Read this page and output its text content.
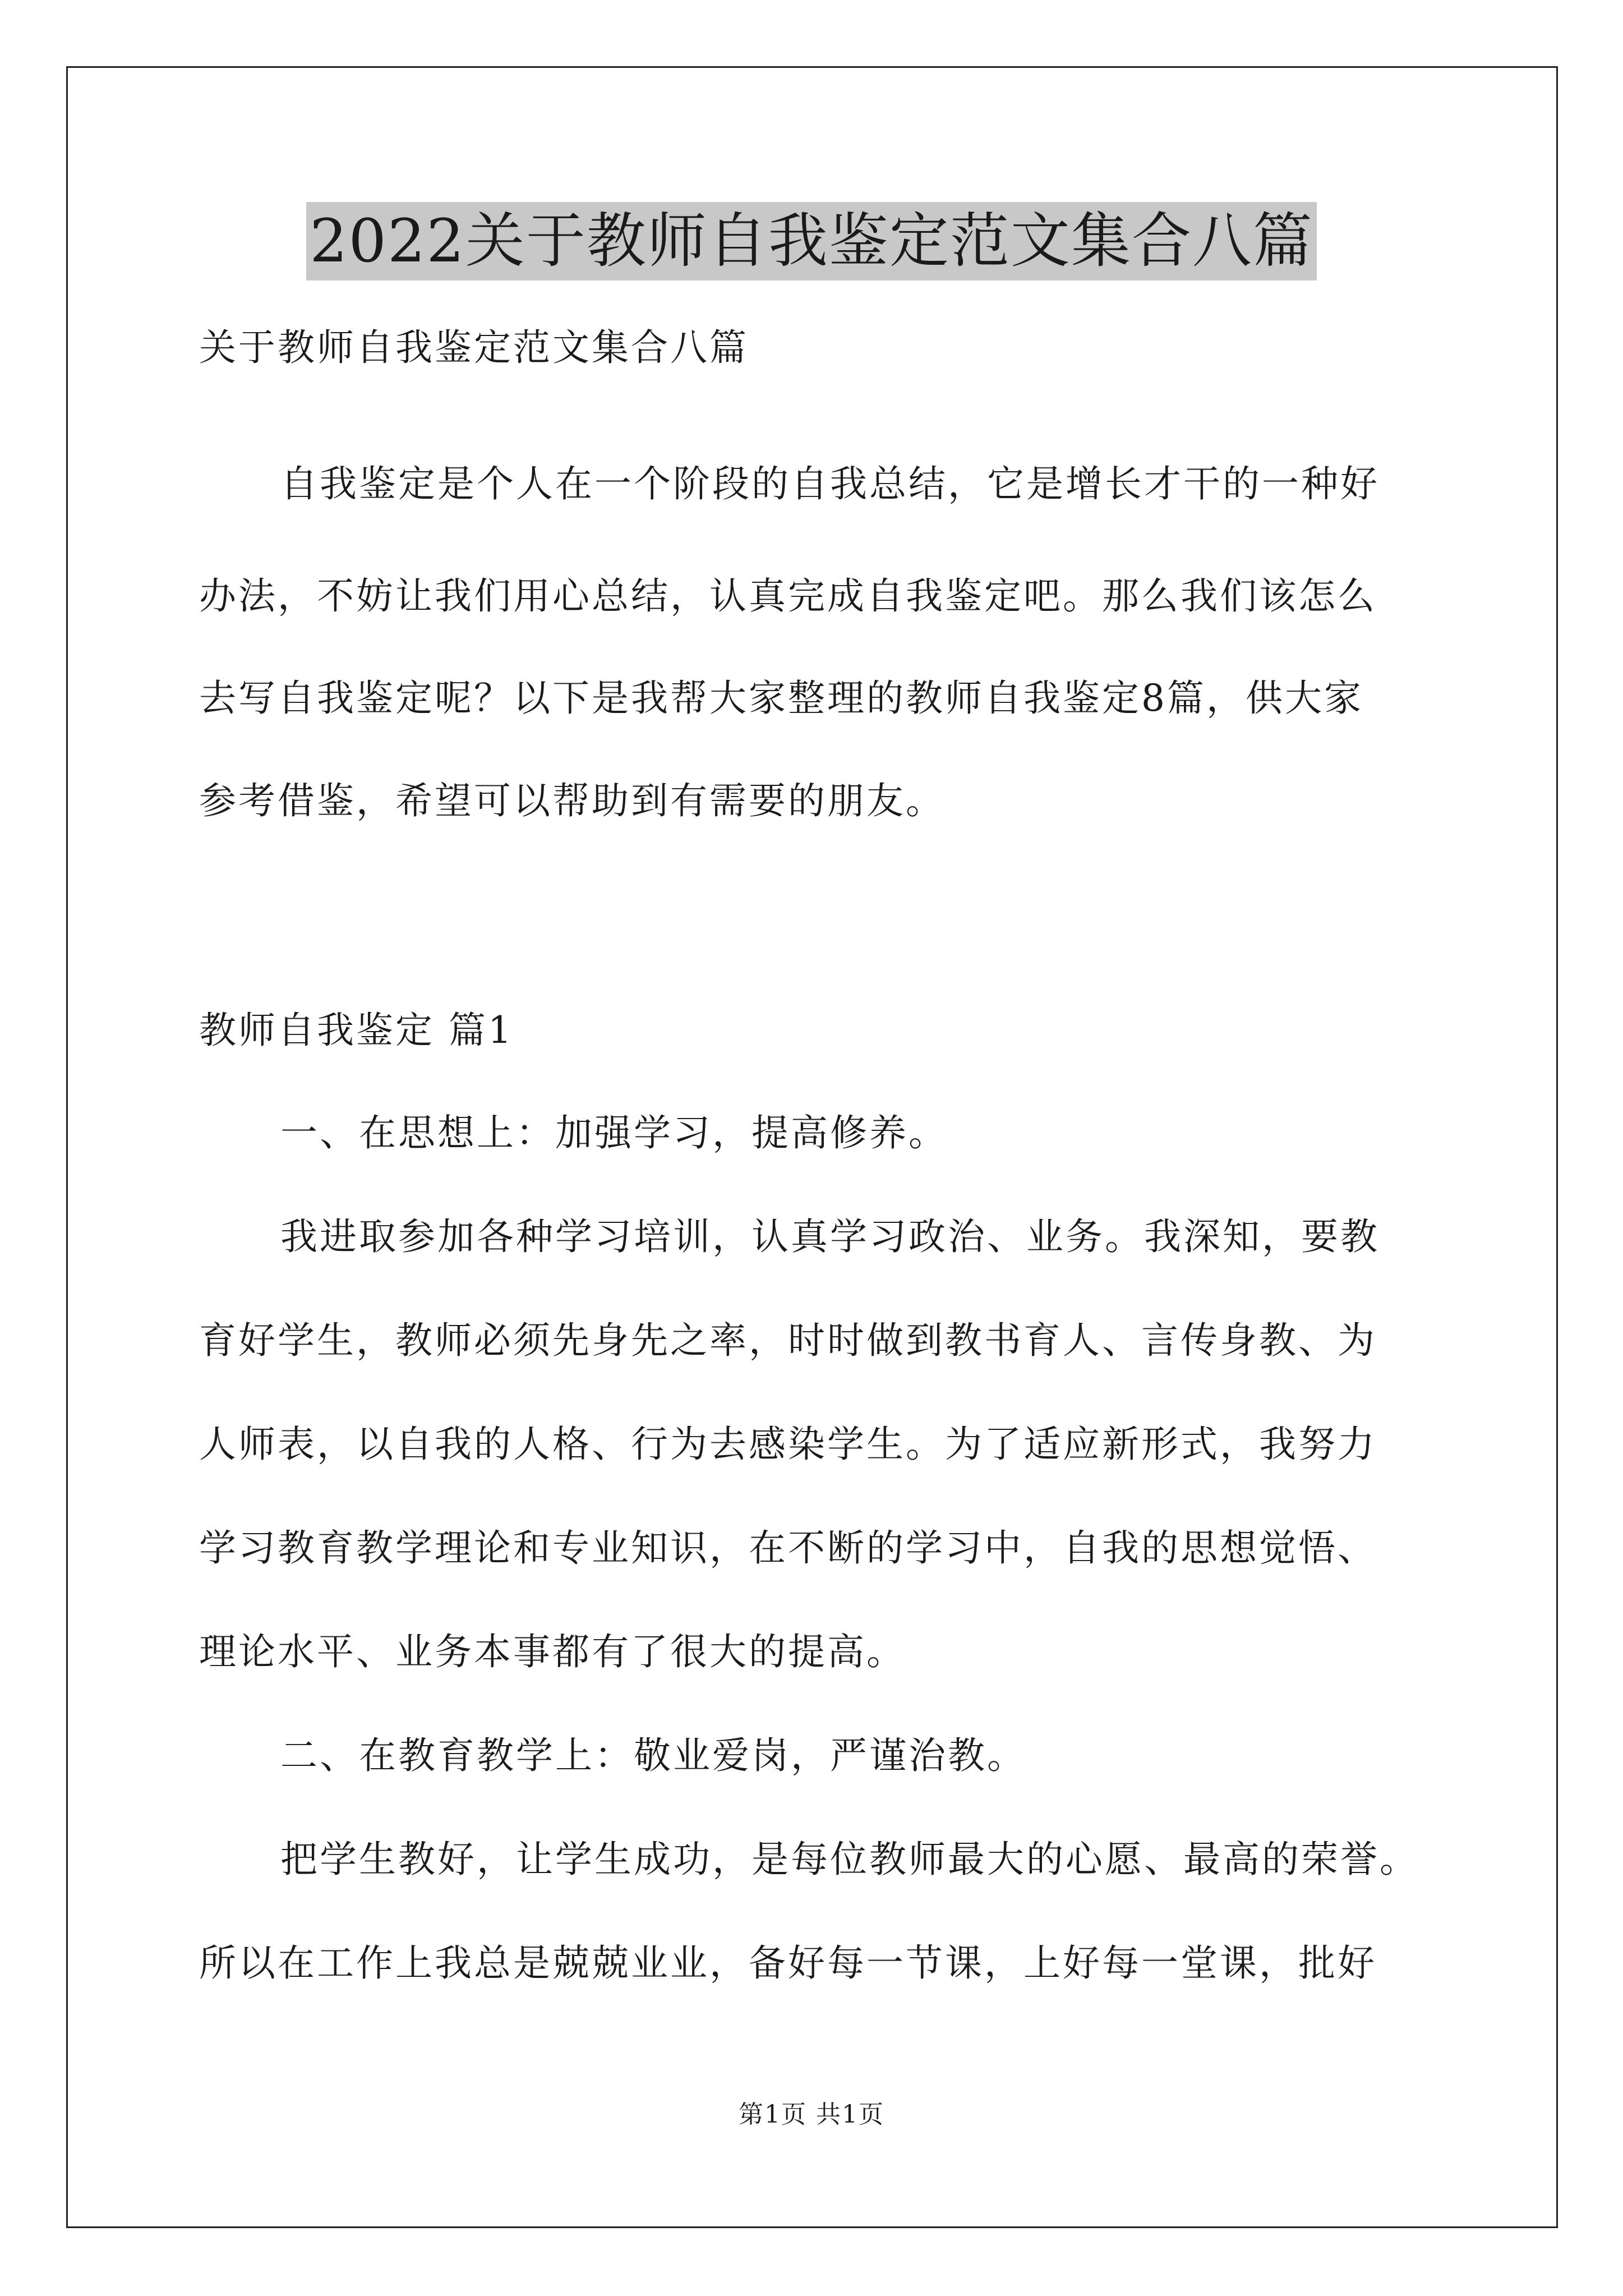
2022关于教师自我鉴定范文集合八篇
关于教师自我鉴定范文集合八篇
自我鉴定是个人在一个阶段的自我总结，它是增长才干的一种好
办法，不妨让我们用心总结，认真完成自我鉴定吧。那么我们该怎么
去写自我鉴定呢？以下是我帮大家整理的教师自我鉴定8篇，供大家
参考借鉴，希望可以帮助到有需要的朋友。
教师自我鉴定 篇1
一、在思想上：加强学习，提高修养。
我进取参加各种学习培训，认真学习政治、业务。我深知，要教
育好学生，教师必须先身先之率，时时做到教书育人、言传身教、为
人师表，以自我的人格、行为去感染学生。为了适应新形式，我努力
学习教育教学理论和专业知识，在不断的学习中，自我的思想觉悟、
理论水平、业务本事都有了很大的提高。
二、在教育教学上：敬业爱岗，严谨治教。
把学生教好，让学生成功，是每位教师最大的心愿、最高的荣誉。
所以在工作上我总是兢兢业业，备好每一节课，上好每一堂课，批好
第1页 共1页
